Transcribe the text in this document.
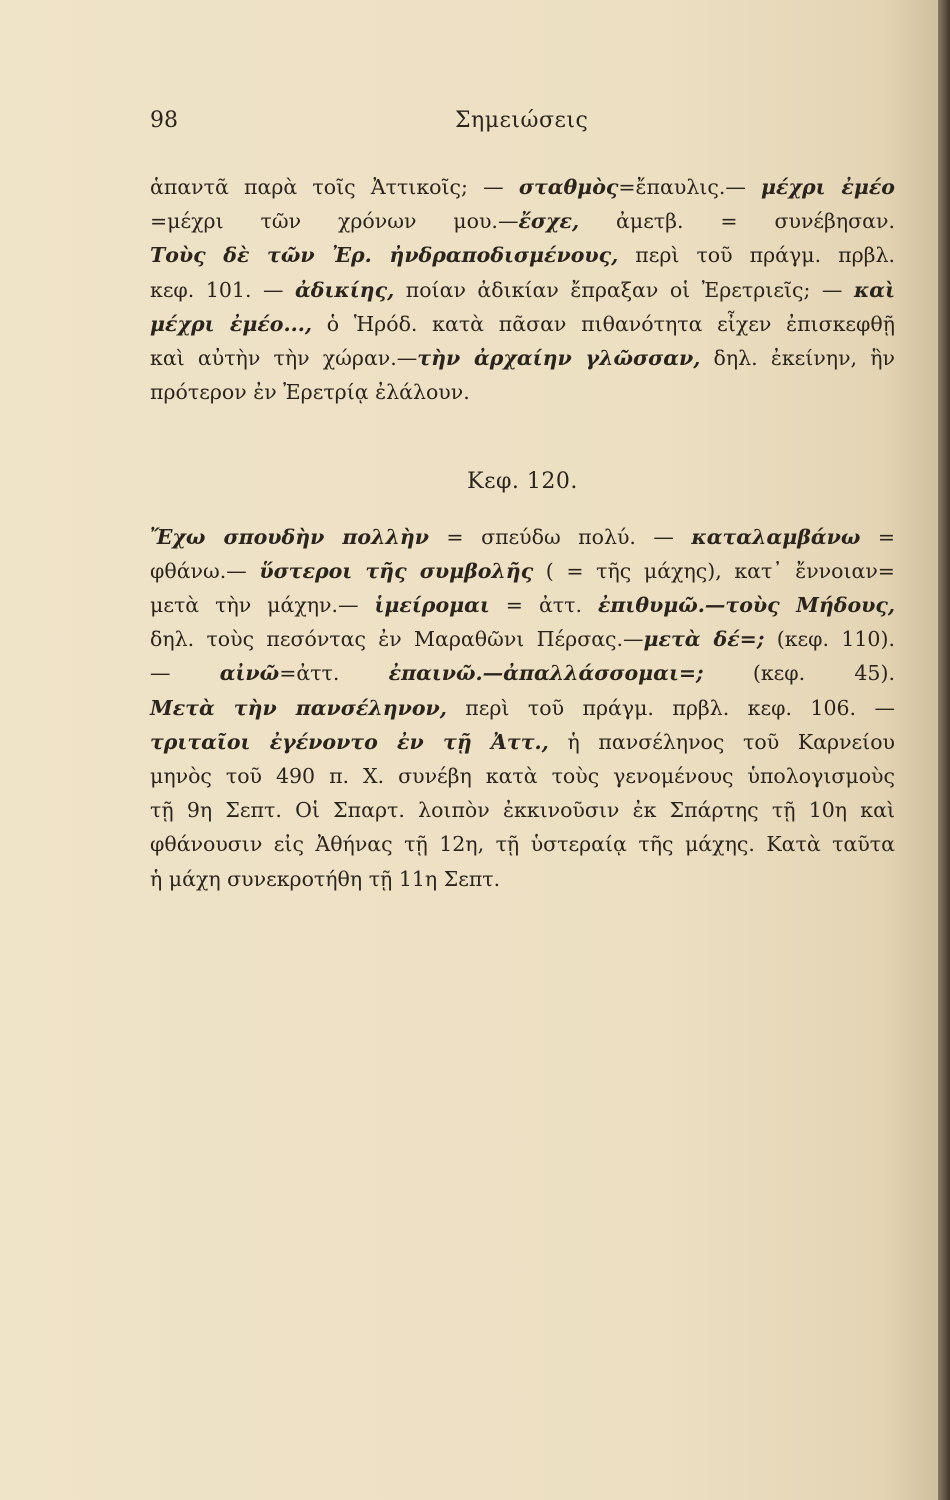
98	Σημειώσεις
ἁπαντᾶ παρὰ τοῖς Ἀττικοῖς; — σταθμὸς=ἔπαυλις.— μέχρι ἐμέο
=μέχρι τῶν χρόνων μου.—ἔσχε, ἀμετβ. = συνέβησαν.
Τοὺς δὲ τῶν Ἐρ. ἠνδραποδισμένους, περὶ τοῦ πράγμ. πρβλ.
κεφ. 101. — ἀδικίης, ποίαν ἀδικίαν ἔπραξαν οἱ Ἐρετριεῖς; — καὶ
μέχρι ἐμέο..., ὁ Ἡρόδ. κατὰ πᾶσαν πιθανότητα εἶχεν ἐπισκεφθῇ
καὶ αὐτὴν τὴν χώραν.—τὴν ἀρχαίην γλῶσσαν, δηλ. ἐκείνην, ἣν
πρότερον ἐν Ἐρετρίᾳ ἐλάλουν.
Κεφ. 120.
Ἔχω σπουδὴν πολλὴν = σπεύδω πολύ. — καταλαμβάνω =
φθάνω.— ὕστεροι τῆς συμβολῆς ( = τῆς μάχης), κατ᾽ ἔννοιαν=
μετὰ τὴν μάχην.— ἱμείρομαι = ἀττ. ἐπιθυμῶ.—τοὺς Μήδους,
δηλ. τοὺς πεσόντας ἐν Μαραθῶνι Πέρσας.—μετὰ δέ=; (κεφ. 110).
— αἰνῶ=ἀττ. ἐπαινῶ.—ἀπαλλάσσομαι=; (κεφ. 45).
Μετὰ τὴν πανσέληνον, περὶ τοῦ πράγμ. πρβλ. κεφ. 106. —
τριταῖοι ἐγένοντο ἐν τῇ Ἀττ., ἡ πανσέληνος τοῦ Καρνείου
μηνὸς τοῦ 490 π. Χ. συνέβη κατὰ τοὺς γενομένους ὑπολογισμοὺς
τῇ 9η Σεπτ. Οἱ Σπαρτ. λοιπὸν ἐκκινοῦσιν ἐκ Σπάρτης τῇ 10η καὶ
φθάνουσιν εἰς Ἀθήνας τῇ 12η, τῇ ὑστεραίᾳ τῆς μάχης. Κατὰ ταῦτα
ἡ μάχη συνεκροτήθη τῇ 11η Σεπτ.
